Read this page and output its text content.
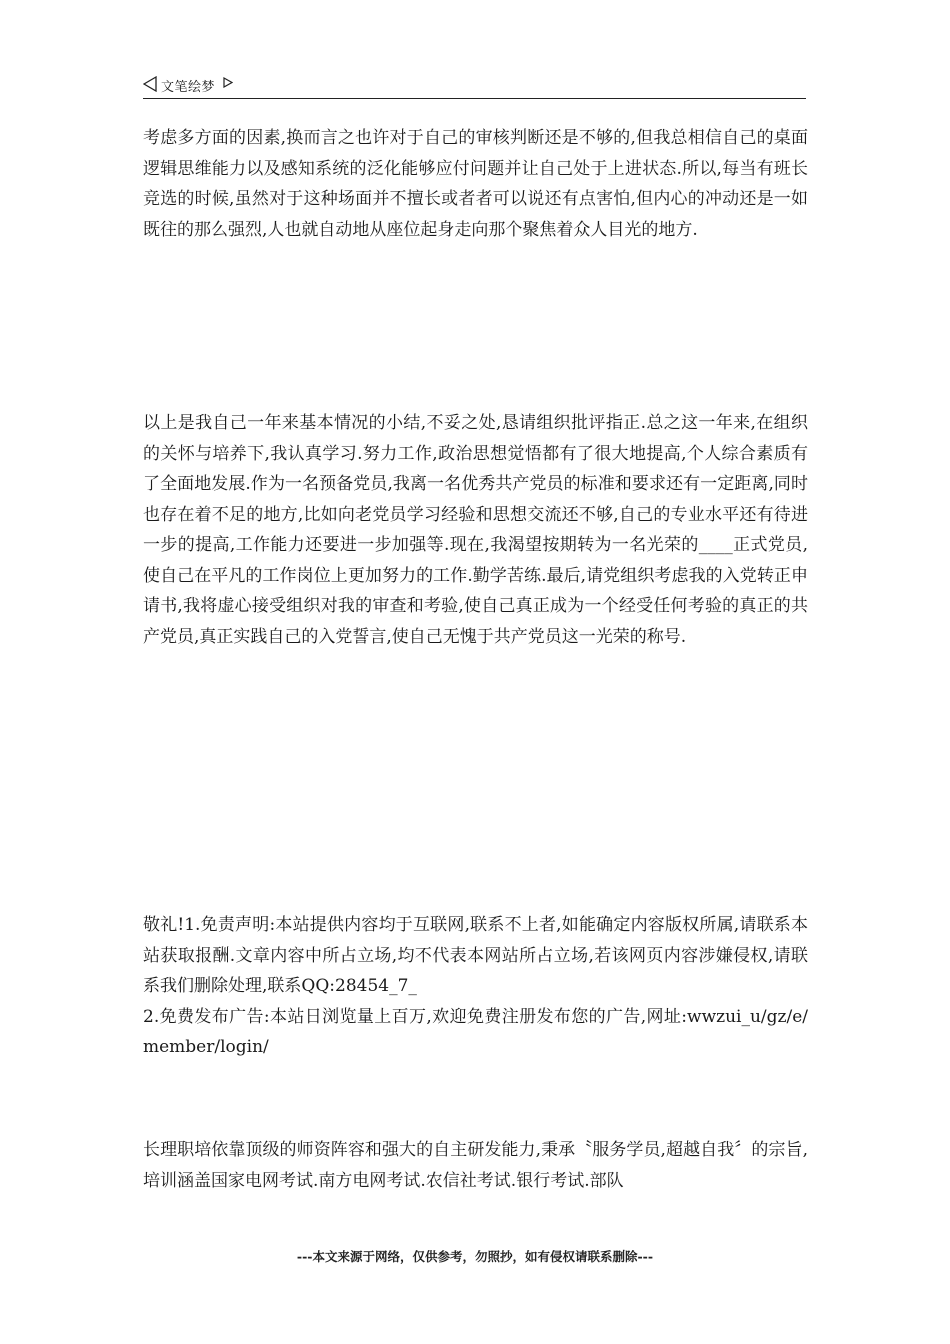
文笔绘梦

考虑多方面的因素,换而言之也许对于自己的审核判断还是不够的,但我总相信自己的桌面逻辑思维能力以及感知系统的泛化能够应付问题并让自己处于上进状态.所以,每当有班长竞选的时候,虽然对于这种场面并不擅长或者者可以说还有点害怕,但内心的冲动还是一如既往的那么强烈,人也就自动地从座位起身走向那个聚焦着众人目光的地方.

以上是我自己一年来基本情况的小结,不妥之处,恳请组织批评指正.总之这一年来,在组织的关怀与培养下,我认真学习.努力工作,政治思想觉悟都有了很大地提高,个人综合素质有了全面地发展.作为一名预备党员,我离一名优秀共产党员的标准和要求还有一定距离,同时也存在着不足的地方,比如向老党员学习经验和思想交流还不够,自己的专业水平还有待进一步的提高,工作能力还要进一步加强等.现在,我渴望按期转为一名光荣的____正式党员,使自己在平凡的工作岗位上更加努力的工作.勤学苦练.最后,请党组织考虑我的入党转正申请书,我将虚心接受组织对我的审查和考验,使自己真正成为一个经受任何考验的真正的共产党员,真正实践自己的入党誓言,使自己无愧于共产党员这一光荣的称号.

敬礼!1.免责声明:本站提供内容均于互联网,联系不上者,如能确定内容版权所属,请联系本站获取报酬.文章内容中所占立场,均不代表本网站所占立场,若该网页内容涉嫌侵权,请联系我们删除处理,联系QQ:28454_7_
2.免费发布广告:本站日浏览量上百万,欢迎免费注册发布您的广告,网址:wwzui_u/gz/e/member/login/

长理职培依靠顶级的师资阵容和强大的自主研发能力,秉承〝服务学员,超越自我〞的宗旨,培训涵盖国家电网考试.南方电网考试.农信社考试.银行考试.部队

---本文来源于网络，仅供参考，勿照抄，如有侵权请联系删除---
